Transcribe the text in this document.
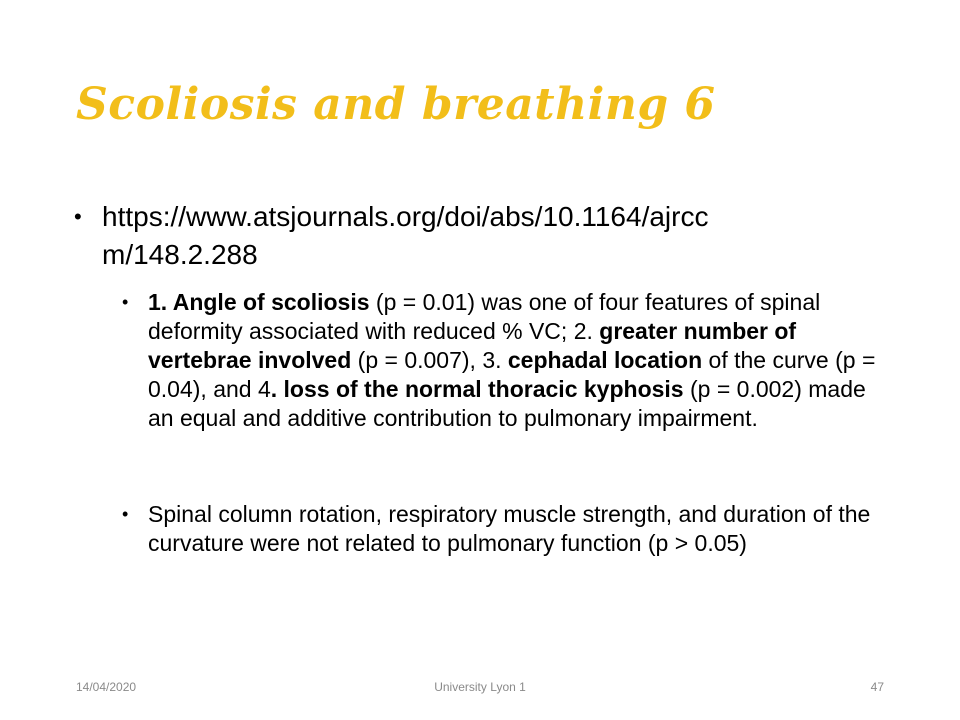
Scoliosis and breathing 6
• https://www.atsjournals.org/doi/abs/10.1164/ajrcc
m/148.2.288
• 1. Angle of scoliosis (p = 0.01) was one of four features of spinal deformity associated with reduced % VC; 2. greater number of vertebrae involved (p = 0.007), 3. cephadal location of the curve (p = 0.04), and 4. loss of the normal thoracic kyphosis (p = 0.002) made an equal and additive contribution to pulmonary impairment.
• Spinal column rotation, respiratory muscle strength, and duration of the curvature were not related to pulmonary function (p > 0.05)
14/04/2020	University Lyon 1	47
